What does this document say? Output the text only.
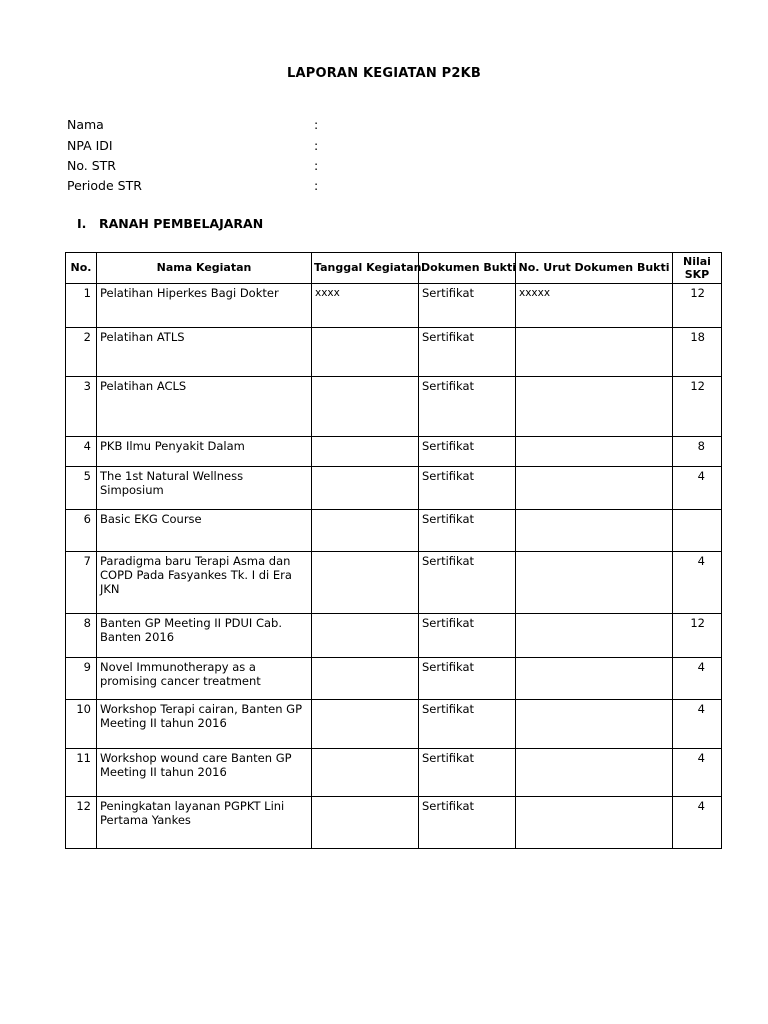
LAPORAN KEGIATAN P2KB
Nama	:
NPA IDI	:
No. STR	:
Periode STR	:
I. RANAH PEMBELAJARAN
No.	Nama Kegiatan	Tanggal Kegiatan	Dokumen Bukti	No. Urut Dokumen Bukti	Nilai SKP
1	Pelatihan Hiperkes Bagi Dokter	xxxx	Sertifikat	xxxxx	12
2	Pelatihan ATLS		Sertifikat		18
3	Pelatihan ACLS		Sertifikat		12
4	PKB Ilmu Penyakit Dalam		Sertifikat		8
5	The 1st Natural Wellness Simposium		Sertifikat		4
6	Basic EKG Course		Sertifikat		
7	Paradigma baru Terapi Asma dan COPD Pada Fasyankes Tk. I di Era JKN		Sertifikat		4
8	Banten GP Meeting II PDUI Cab. Banten 2016		Sertifikat		12
9	Novel Immunotherapy as a promising cancer treatment		Sertifikat		4
10	Workshop Terapi cairan, Banten GP Meeting II tahun 2016		Sertifikat		4
11	Workshop wound care Banten GP Meeting II tahun 2016		Sertifikat		4
12	Peningkatan layanan PGPKT Lini Pertama Yankes		Sertifikat		4
